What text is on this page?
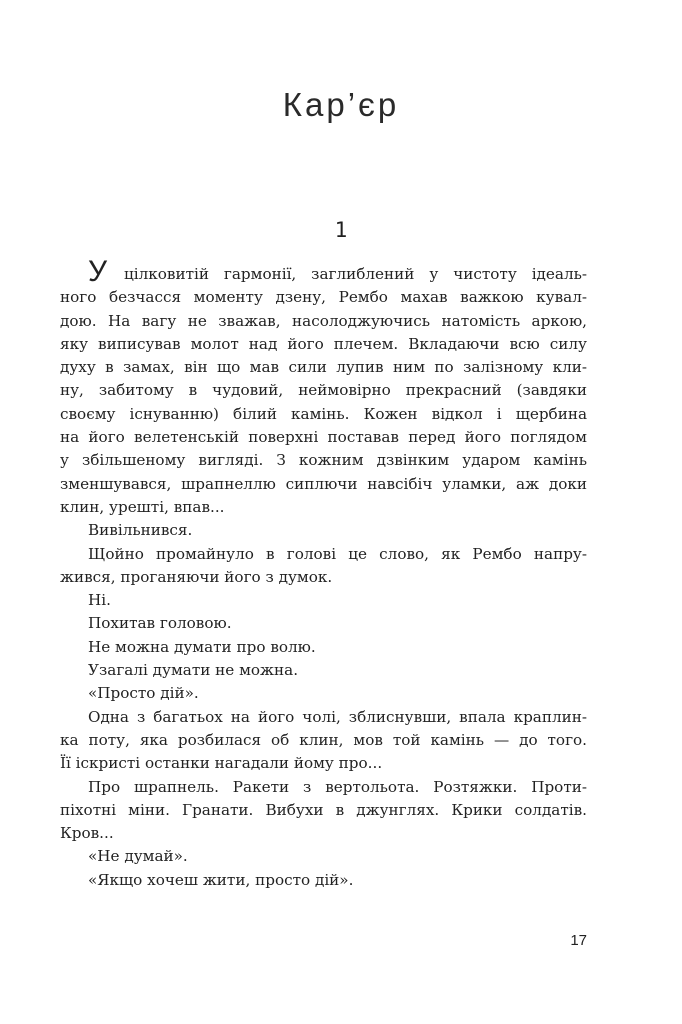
Кар’єр
1
У цілковитій гармонії, заглиблений у чистоту ідеаль-
ного безчасся моменту дзену, Рембо махав важкою кувал-
дою. На вагу не зважав, насолоджуючись натомість аркою,
яку виписував молот над його плечем. Вкладаючи всю силу
духу в замах, він що мав сили лупив ним по залізному кли-
ну, забитому в чудовий, неймовірно прекрасний (завдяки
своєму існуванню) білий камінь. Кожен відкол і щербина
на його велетенській поверхні поставав перед його поглядом
у збільшеному вигляді. З кожним дзвінким ударом камінь
зменшувався, шрапнеллю сиплючи навсібіч уламки, аж доки
клин, урешті, впав...
Вивільнився.
Щойно промайнуло в голові це слово, як Рембо напру-
жився, проганяючи його з думок.
Ні.
Похитав головою.
Не можна думати про волю.
Узагалі думати не можна.
«Просто дій».
Одна з багатьох на його чолі, зблиснувши, впала краплин-
ка поту, яка розбилася об клин, мов той камінь — до того.
Її іскристі останки нагадали йому про...
Про шрапнель. Ракети з вертольота. Розтяжки. Проти-
піхотні міни. Гранати. Вибухи в джунглях. Крики солдатів.
Кров...
«Не думай».
«Якщо хочеш жити, просто дій».
17
